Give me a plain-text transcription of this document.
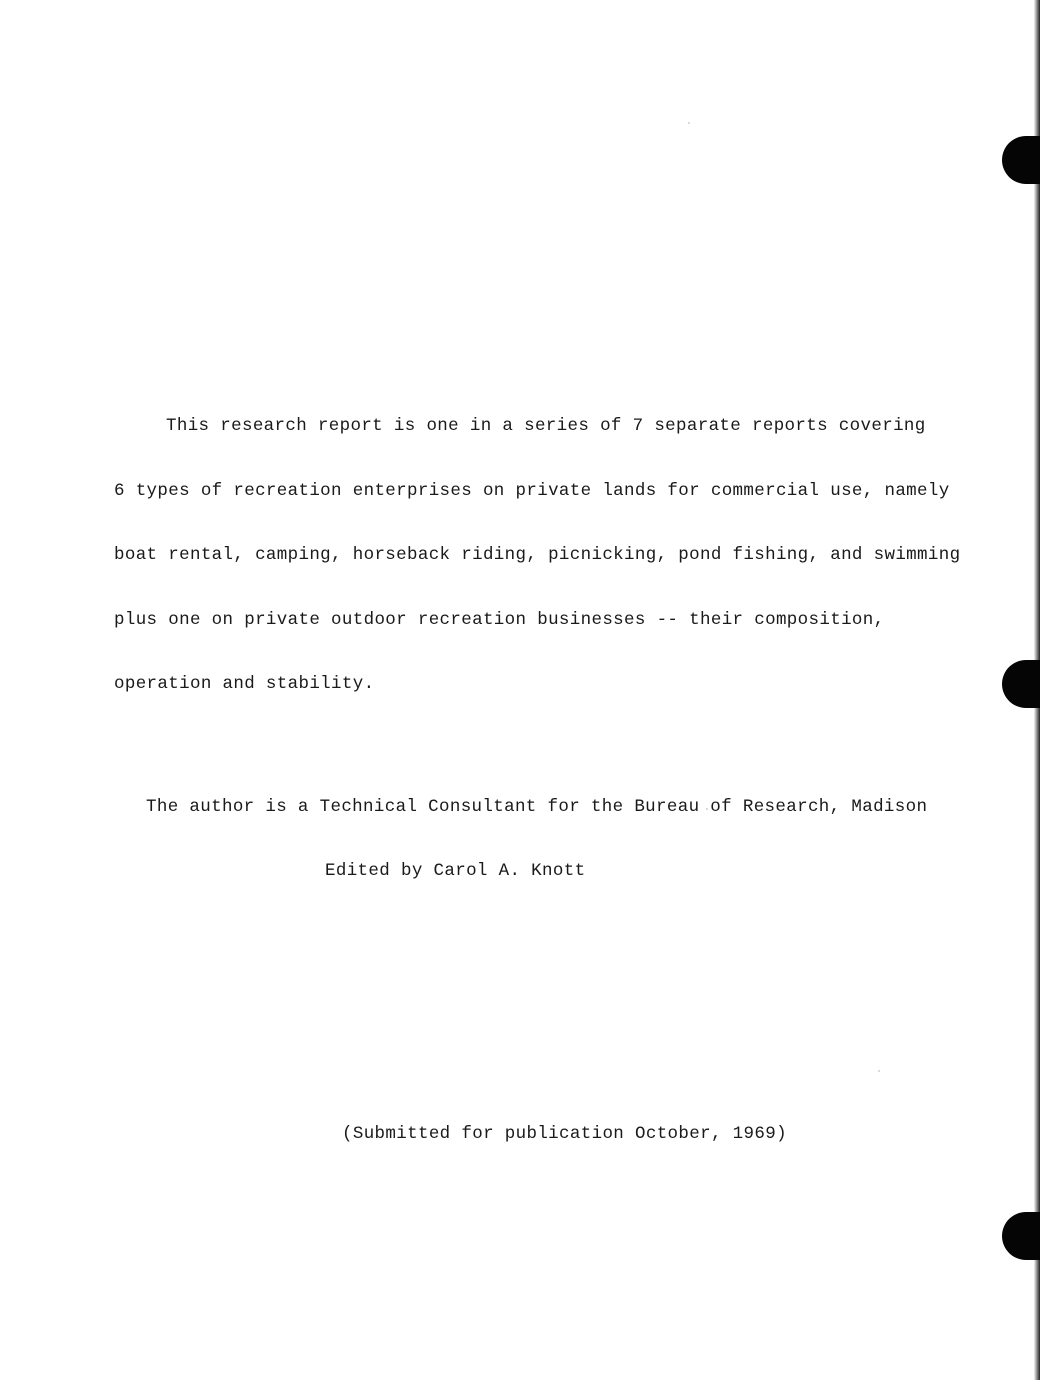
This research report is one in a series of 7 separate reports covering

6 types of recreation enterprises on private lands for commercial use, namely

boat rental, camping, horseback riding, picnicking, pond fishing, and swimming

plus one on private outdoor recreation businesses -- their composition,

operation and stability.

The author is a Technical Consultant for the Bureau of Research, Madison

Edited by Carol A. Knott

(Submitted for publication October, 1969)
